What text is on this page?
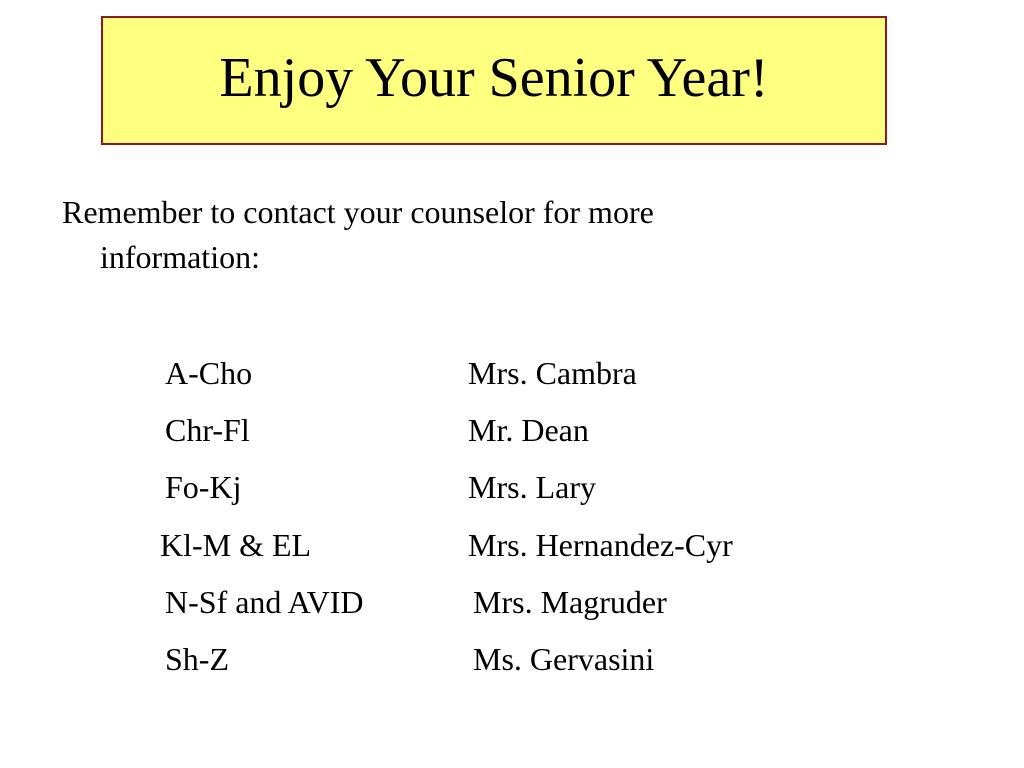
Enjoy Your Senior Year!
Remember to contact your counselor for more
information:
A-Cho	Mrs. Cambra
Chr-Fl	Mr. Dean
Fo-Kj	Mrs. Lary
Kl-M & EL	Mrs. Hernandez-Cyr
N-Sf and AVID	Mrs. Magruder
Sh-Z	Ms. Gervasini
